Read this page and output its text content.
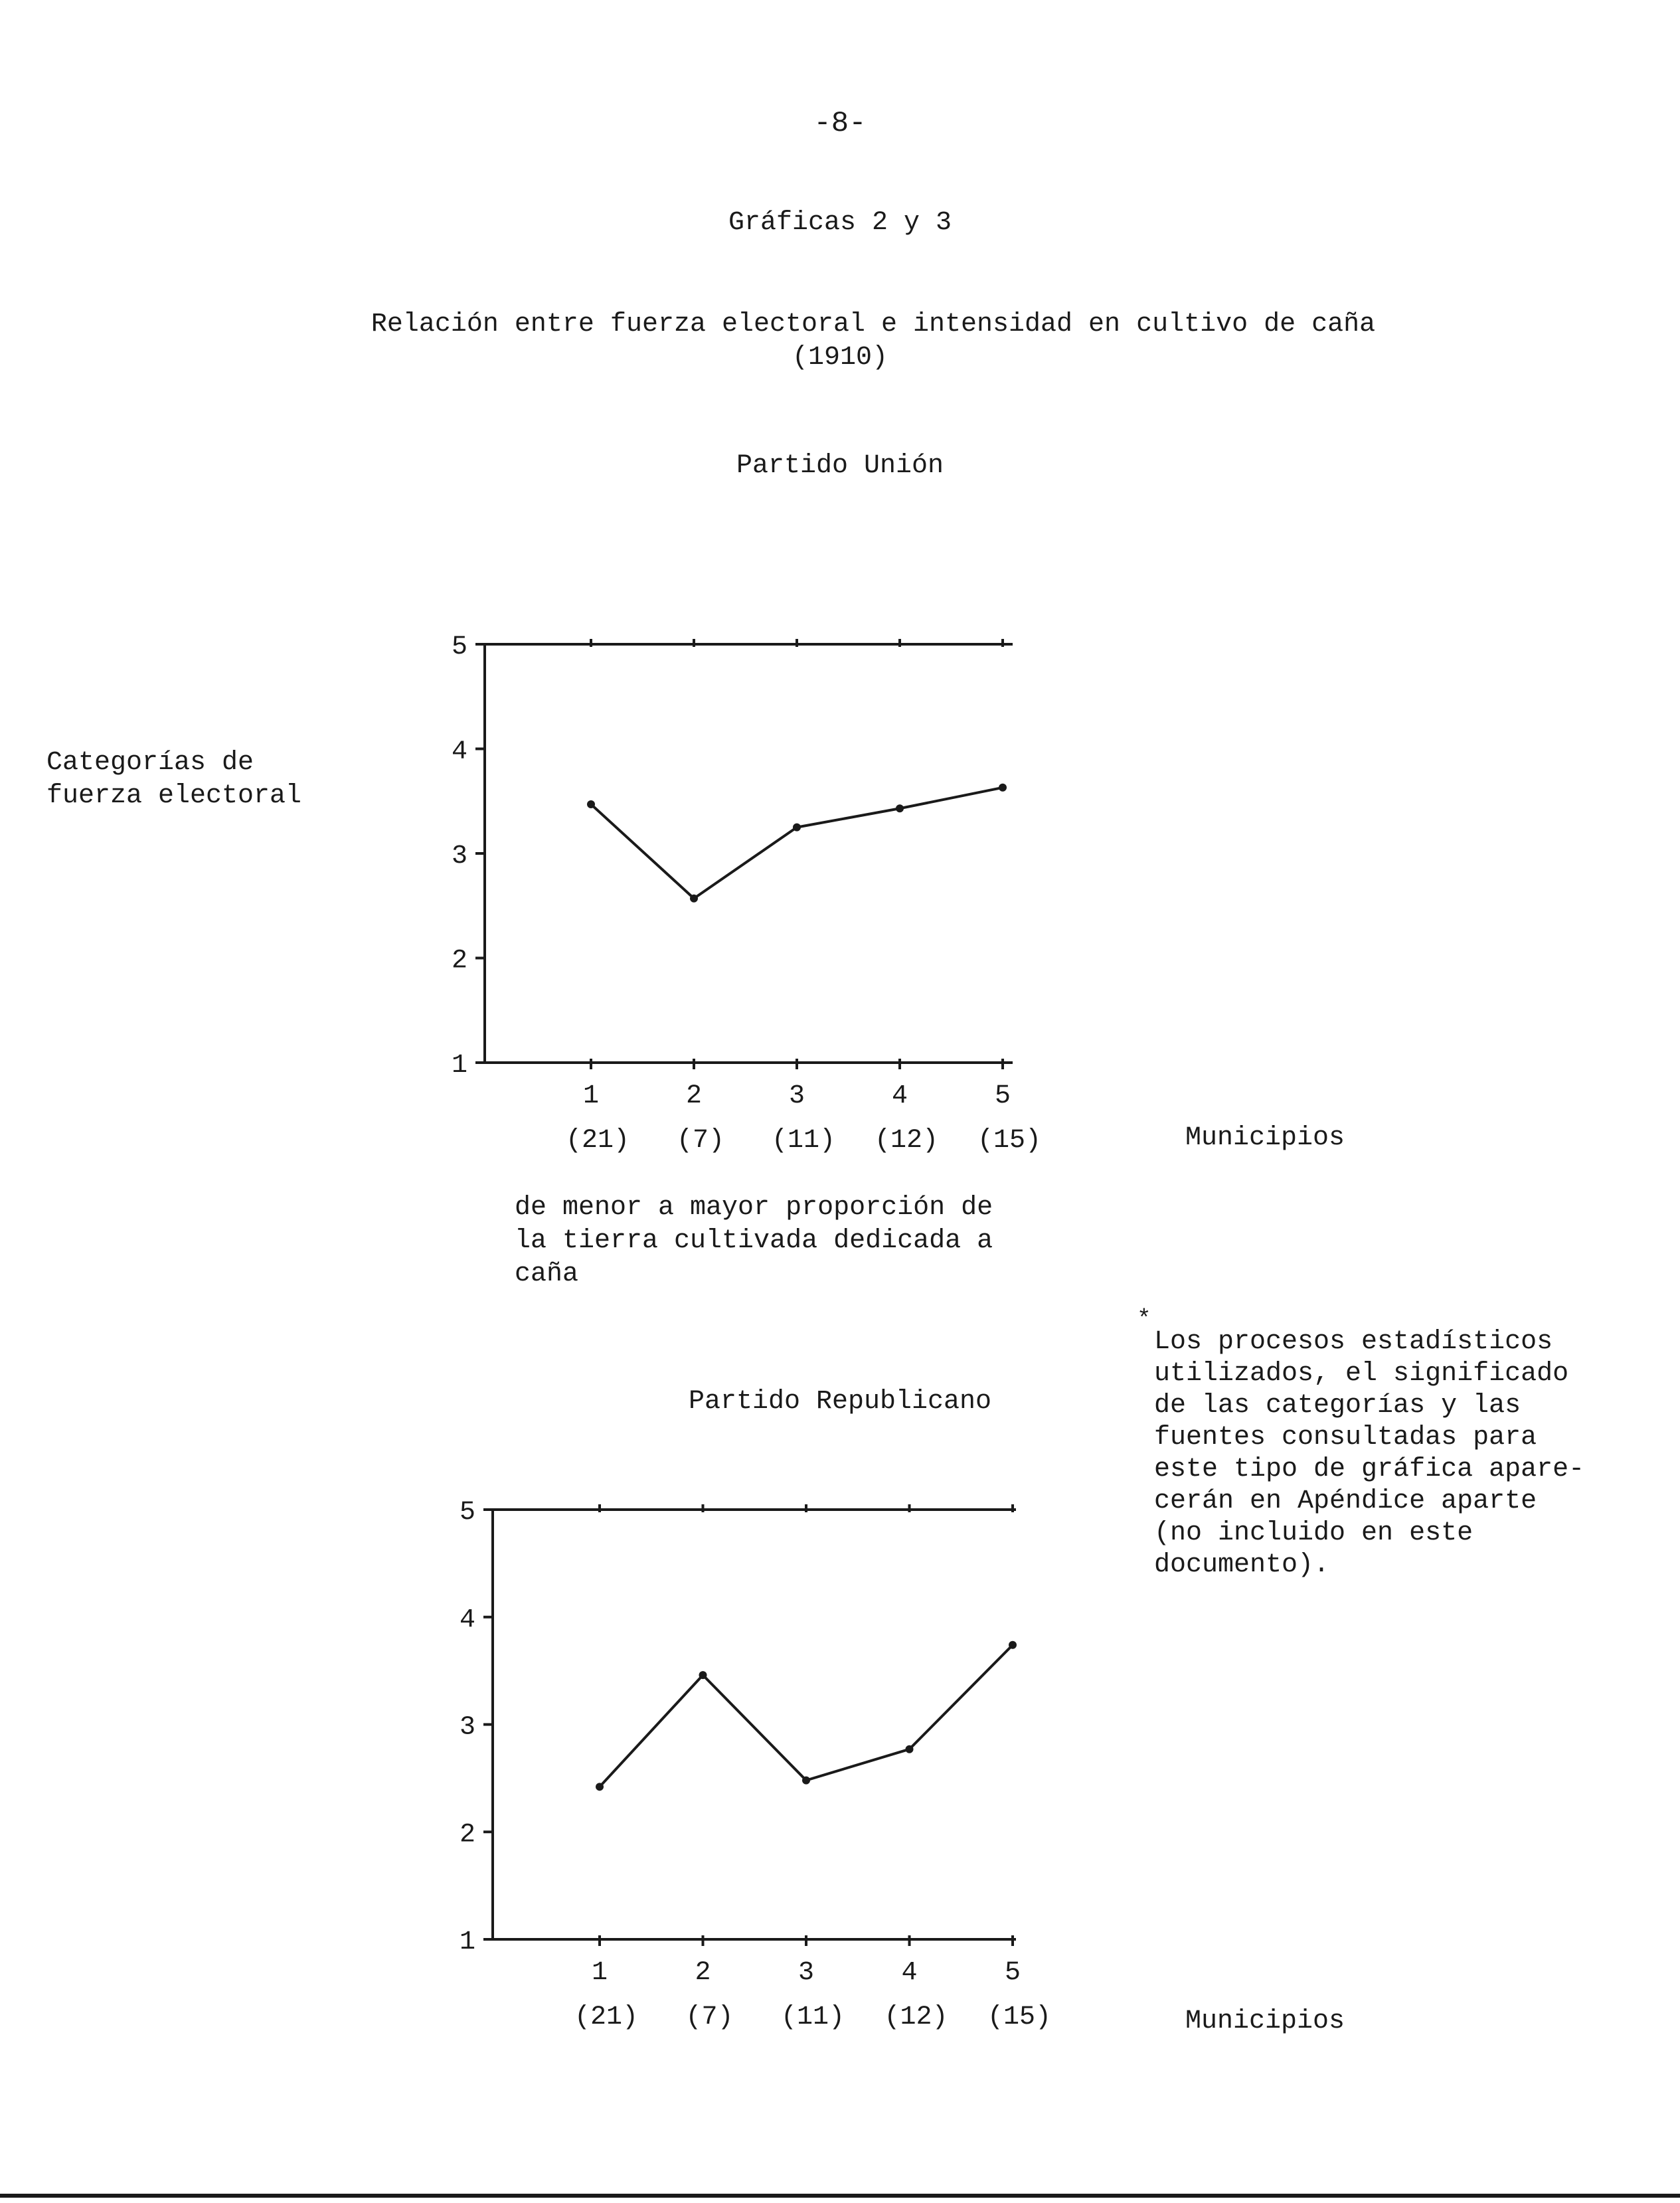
-8-
Gráficas 2 y 3
Relación entre fuerza electoral e intensidad en cultivo de caña
(1910)
Partido Unión
Categorías de
fuerza electoral
1
2
3
4
5
1
(21)
2
(7)
3
(11)
4
(12)
5
(15)	Municipios
de menor a mayor proporción de
la tierra cultivada dedicada a
caña
*
Los procesos estadísticos
utilizados, el significado
de las categorías y las
fuentes consultadas para
este tipo de gráfica apare-
cerán en Apéndice aparte
(no incluido en este
documento).
Partido Republicano
1
2
3
4
5
1
(21)
2
(7)
3
(11)
4
(12)
5
(15)	Municipios
